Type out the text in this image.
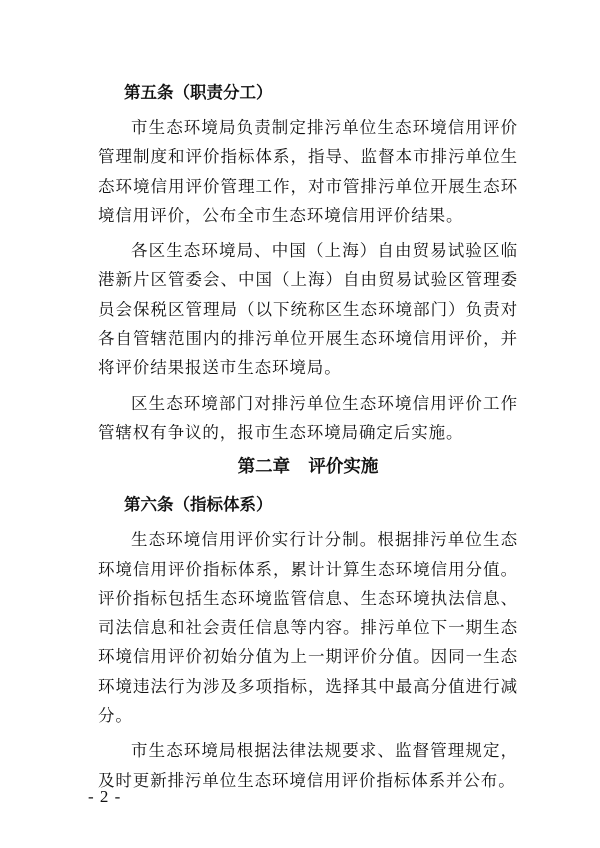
第五条（职责分工）

市生态环境局负责制定排污单位生态环境信用评价管理制度和评价指标体系，指导、监督本市排污单位生态环境信用评价管理工作，对市管排污单位开展生态环境信用评价，公布全市生态环境信用评价结果。

各区生态环境局、中国（上海）自由贸易试验区临港新片区管委会、中国（上海）自由贸易试验区管理委员会保税区管理局（以下统称区生态环境部门）负责对各自管辖范围内的排污单位开展生态环境信用评价，并将评价结果报送市生态环境局。

区生态环境部门对排污单位生态环境信用评价工作管辖权有争议的，报市生态环境局确定后实施。

第二章   评价实施
第六条（指标体系）

生态环境信用评价实行计分制。根据排污单位生态环境信用评价指标体系，累计计算生态环境信用分值。评价指标包括生态环境监管信息、生态环境执法信息、司法信息和社会责任信息等内容。排污单位下一期生态环境信用评价初始分值为上一期评价分值。因同一生态环境违法行为涉及多项指标，选择其中最高分值进行减分。

市生态环境局根据法律法规要求、监督管理规定，及时更新排污单位生态环境信用评价指标体系并公布。

- 2 -
